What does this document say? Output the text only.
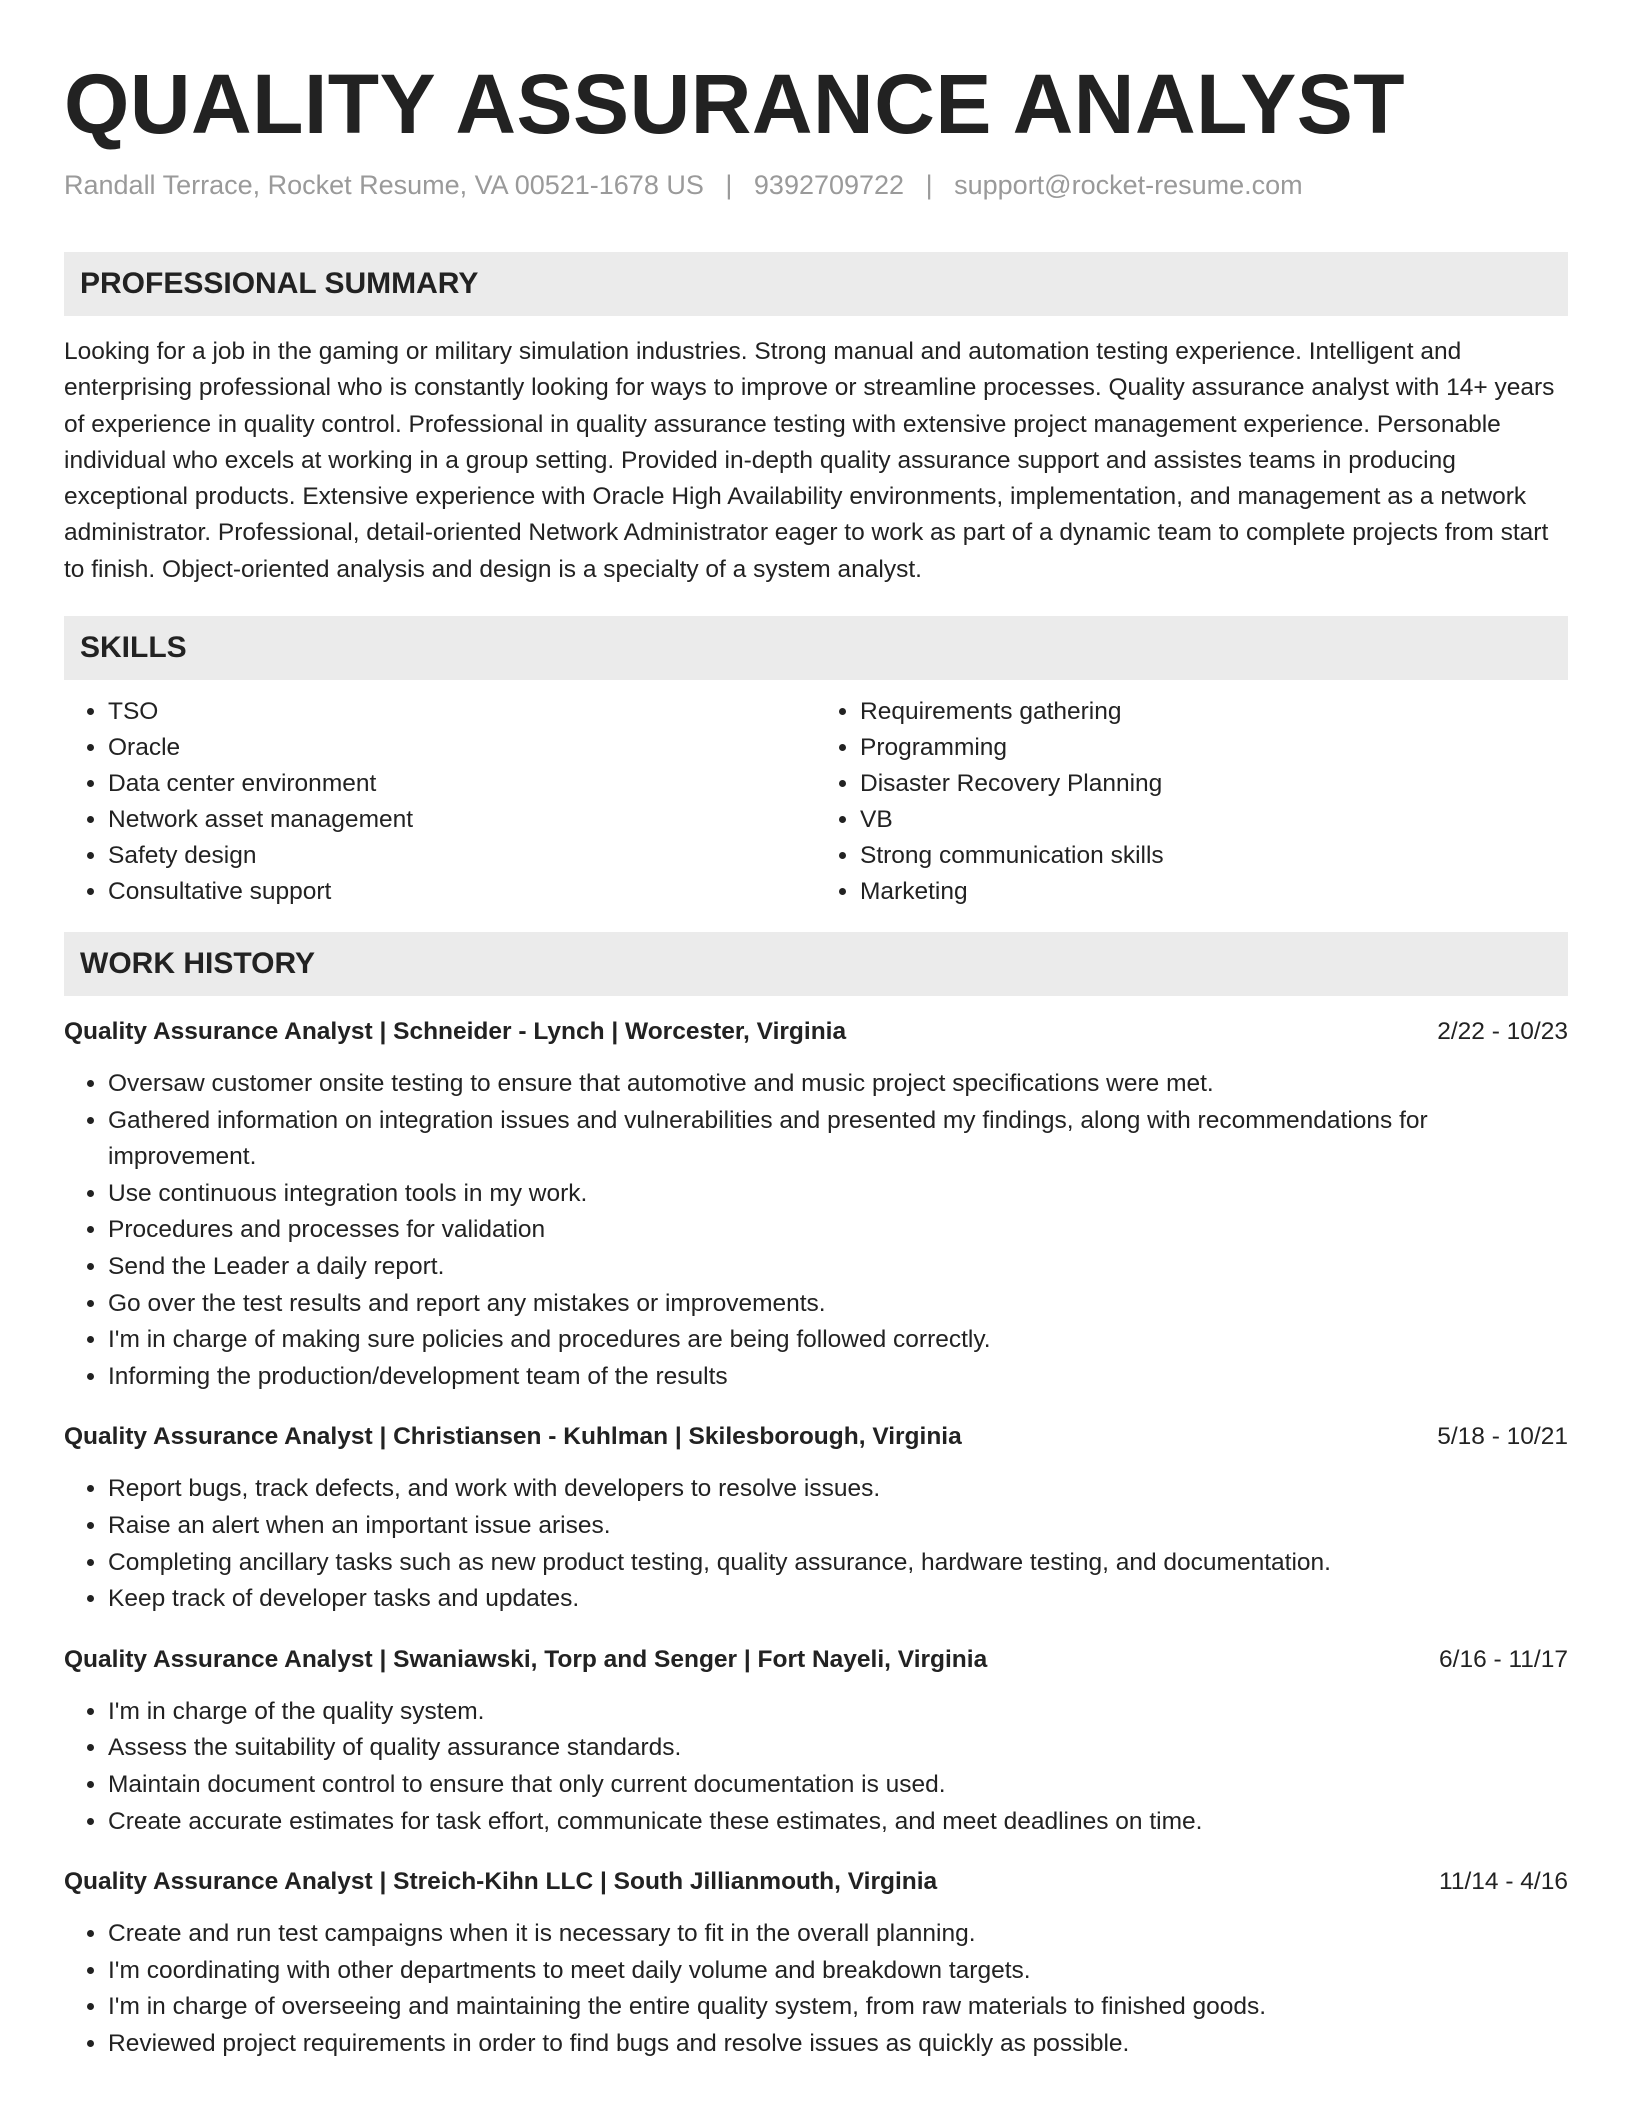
QUALITY ASSURANCE ANALYST
Randall Terrace, Rocket Resume, VA 00521-1678 US | 9392709722 | support@rocket-resume.com
PROFESSIONAL SUMMARY

Looking for a job in the gaming or military simulation industries. Strong manual and automation testing experience. Intelligent and enterprising professional who is constantly looking for ways to improve or streamline processes. Quality assurance analyst with 14+ years of experience in quality control. Professional in quality assurance testing with extensive project management experience. Personable individual who excels at working in a group setting. Provided in-depth quality assurance support and assistes teams in producing exceptional products. Extensive experience with Oracle High Availability environments, implementation, and management as a network administrator. Professional, detail-oriented Network Administrator eager to work as part of a dynamic team to complete projects from start to finish. Object-oriented analysis and design is a specialty of a system analyst.

SKILLS
• TSO
• Oracle
• Data center environment
• Network asset management
• Safety design
• Consultative support
• Requirements gathering
• Programming
• Disaster Recovery Planning
• VB
• Strong communication skills
• Marketing
WORK HISTORY
Quality Assurance Analyst | Schneider - Lynch | Worcester, Virginia	2/22 - 10/23
• Oversaw customer onsite testing to ensure that automotive and music project specifications were met.
• Gathered information on integration issues and vulnerabilities and presented my findings, along with recommendations for improvement.
• Use continuous integration tools in my work.
• Procedures and processes for validation
• Send the Leader a daily report.
• Go over the test results and report any mistakes or improvements.
• I'm in charge of making sure policies and procedures are being followed correctly.
• Informing the production/development team of the results
Quality Assurance Analyst | Christiansen - Kuhlman | Skilesborough, Virginia	5/18 - 10/21
• Report bugs, track defects, and work with developers to resolve issues.
• Raise an alert when an important issue arises.
• Completing ancillary tasks such as new product testing, quality assurance, hardware testing, and documentation.
• Keep track of developer tasks and updates.
Quality Assurance Analyst | Swaniawski, Torp and Senger | Fort Nayeli, Virginia	6/16 - 11/17
• I'm in charge of the quality system.
• Assess the suitability of quality assurance standards.
• Maintain document control to ensure that only current documentation is used.
• Create accurate estimates for task effort, communicate these estimates, and meet deadlines on time.
Quality Assurance Analyst | Streich-Kihn LLC | South Jillianmouth, Virginia	11/14 - 4/16
• Create and run test campaigns when it is necessary to fit in the overall planning.
• I'm coordinating with other departments to meet daily volume and breakdown targets.
• I'm in charge of overseeing and maintaining the entire quality system, from raw materials to finished goods.
• Reviewed project requirements in order to find bugs and resolve issues as quickly as possible.
